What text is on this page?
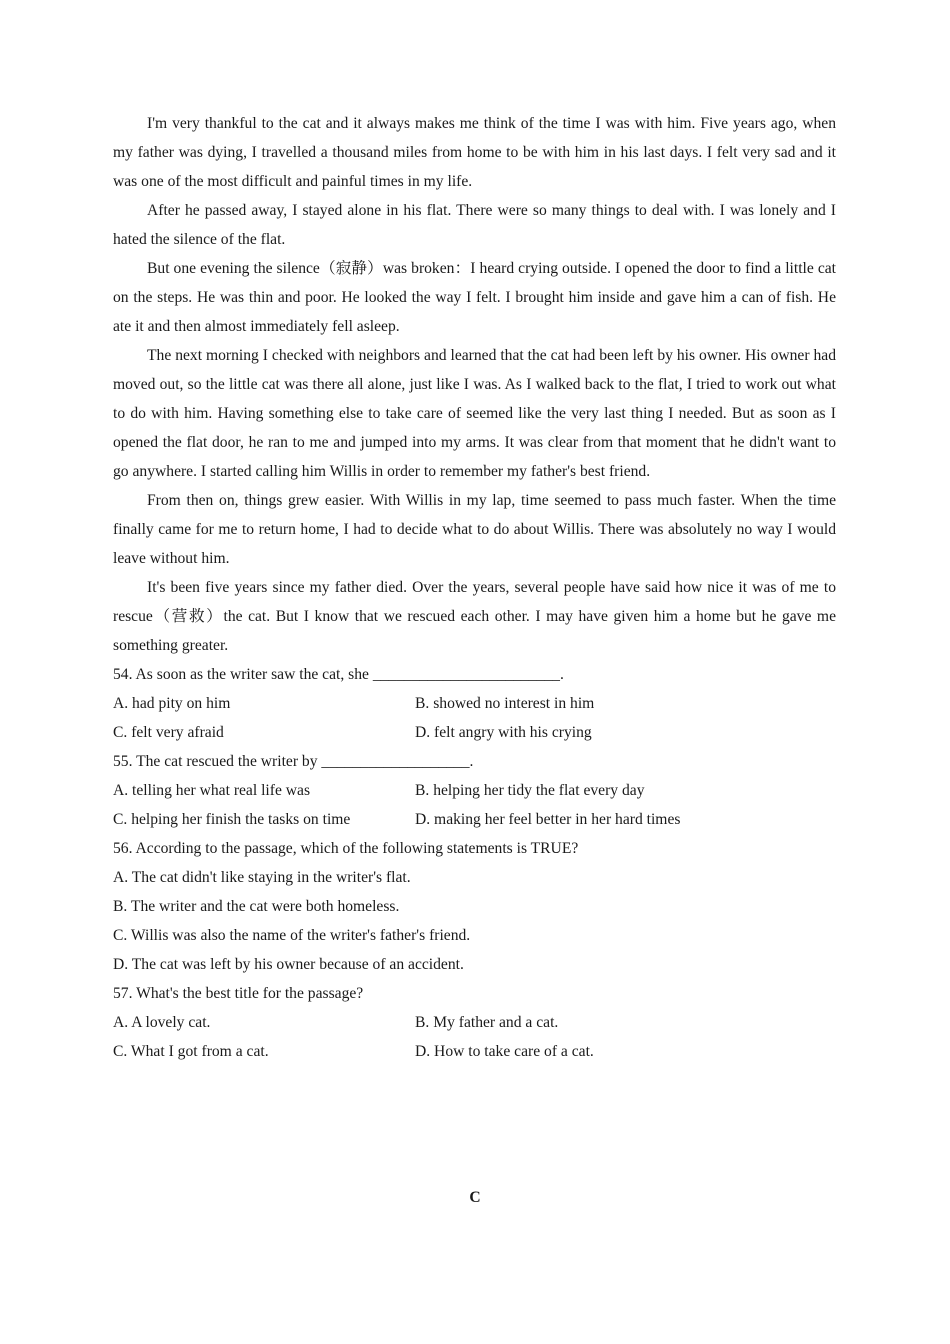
I'm very thankful to the cat and it always makes me think of the time I was with him. Five years ago, when my father was dying, I travelled a thousand miles from home to be with him in his last days. I felt very sad and it was one of the most difficult and painful times in my life.

After he passed away, I stayed alone in his flat. There were so many things to deal with. I was lonely and I hated the silence of the flat.

But one evening the silence（寂静）was broken：I heard crying outside. I opened the door to find a little cat on the steps. He was thin and poor. He looked the way I felt. I brought him inside and gave him a can of fish. He ate it and then almost immediately fell asleep.

The next morning I checked with neighbors and learned that the cat had been left by his owner. His owner had moved out, so the little cat was there all alone, just like I was. As I walked back to the flat, I tried to work out what to do with him. Having something else to take care of seemed like the very last thing I needed. But as soon as I opened the flat door, he ran to me and jumped into my arms. It was clear from that moment that he didn't want to go anywhere. I started calling him Willis in order to remember my father's best friend.

From then on, things grew easier. With Willis in my lap, time seemed to pass much faster. When the time finally came for me to return home, I had to decide what to do about Willis. There was absolutely no way I would leave without him.

It's been five years since my father died. Over the years, several people have said how nice it was of me to rescue（营救）the cat. But I know that we rescued each other. I may have given him a home but he gave me something greater.

54. As soon as the writer saw the cat, she ________________________.

A. had pity on him	B. showed no interest in him
C. felt very afraid	D. felt angry with his crying

55. The cat rescued the writer by ___________________.

A. telling her what real life was	B. helping her tidy the flat every day
C. helping her finish the tasks on time	D. making her feel better in her hard times

56. According to the passage, which of the following statements is TRUE?

A. The cat didn't like staying in the writer's flat.

B. The writer and the cat were both homeless.

C. Willis was also the name of the writer's father's friend.

D. The cat was left by his owner because of an accident.

57. What's the best title for the passage?

A. A lovely cat.	B. My father and a cat.
C. What I got from a cat.	D. How to take care of a cat.
C
